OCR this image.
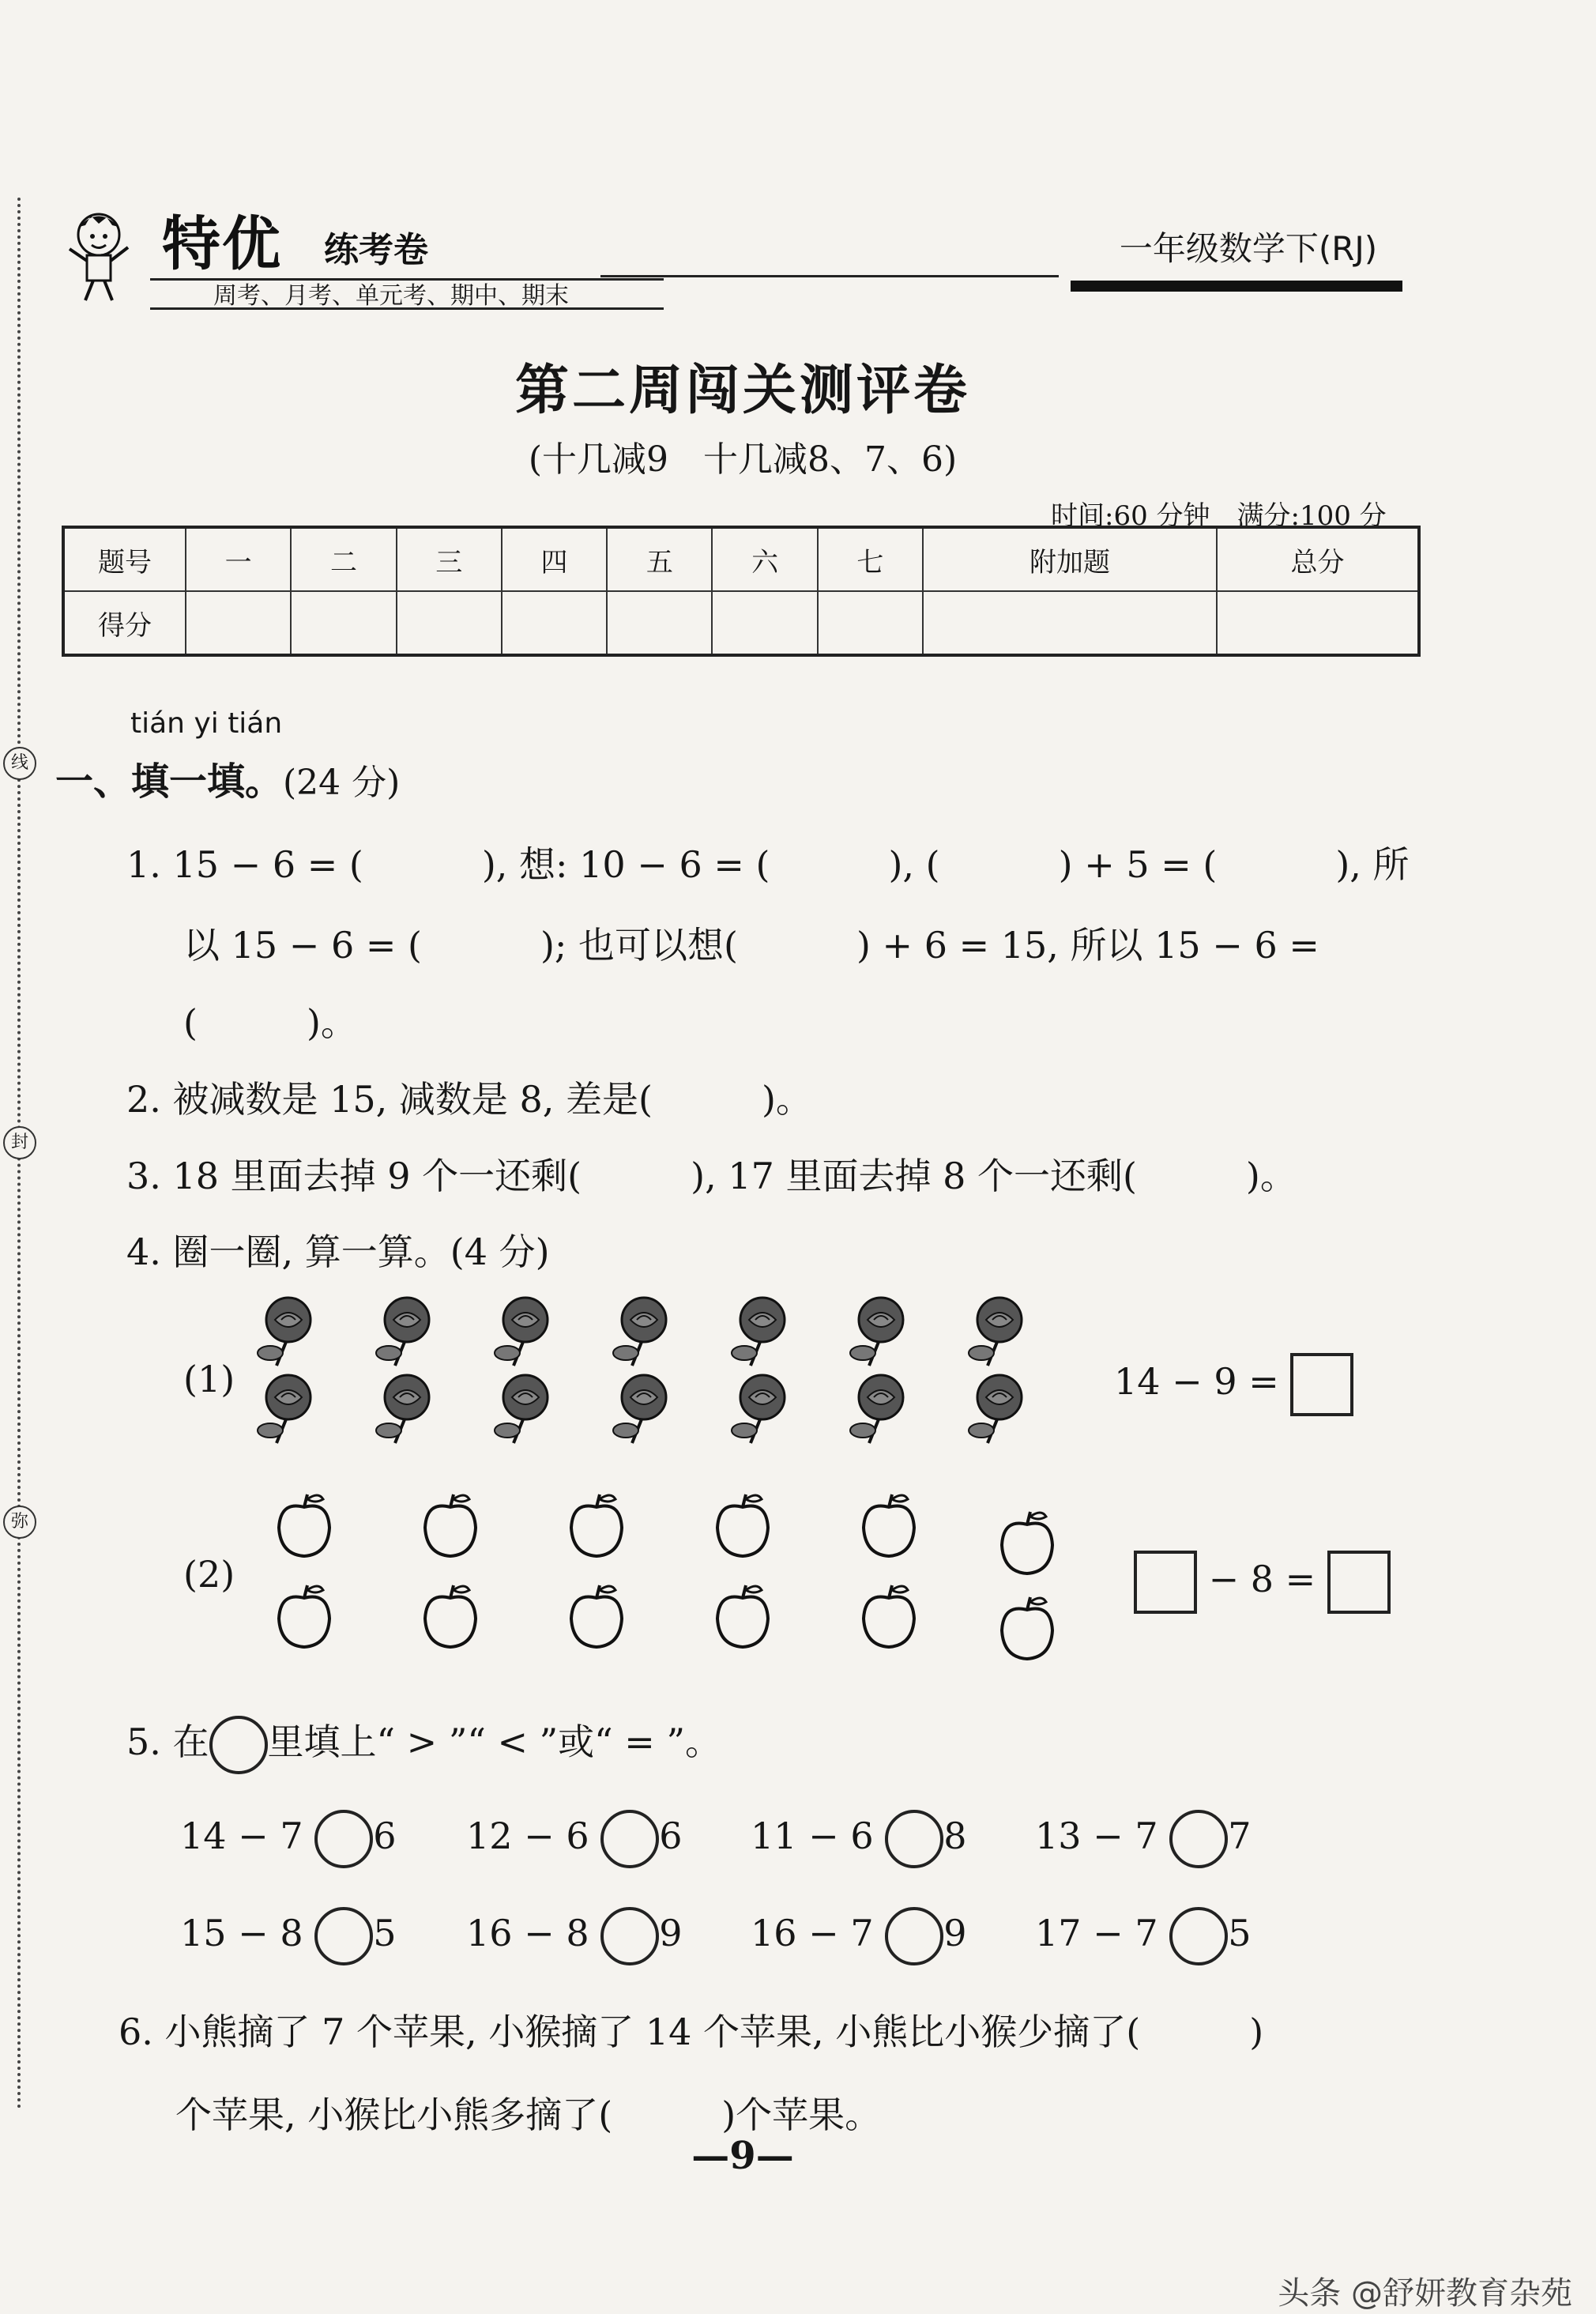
线
封
弥
特优 练考卷
周考、月考、单元考、期中、期末
一年级数学下(RJ)
第二周闯关测评卷
(十几减9　十几减8、7、6)
时间:60 分钟　满分:100 分
题号	一	二	三	四	五	六	七	附加题	总分
得分									
tián yi tián
一、填一填。(24 分)
1. 15 − 6 = (	), 想: 10 − 6 = (	), (	) + 5 = (	), 所
以 15 − 6 = (	); 也可以想(	) + 6 = 15, 所以 15 − 6 =
(　　　)。
2. 被减数是 15, 减数是 8, 差是(　　　)。
3. 18 里面去掉 9 个一还剩(　　　), 17 里面去掉 8 个一还剩(　　　)。
4. 圈一圈, 算一算。(4 分)
(1)	14 − 9 =
(2)	− 8 =
5. 在 里填上“ > ”“ < ”或“ = ”。
14 − 7 6 12 − 6 6 11 − 6 8 13 − 7 7
15 − 8 5 16 − 8 9 16 − 7 9 17 − 7 5
6. 小熊摘了 7 个苹果, 小猴摘了 14 个苹果, 小熊比小猴少摘了(　　　)
个苹果, 小猴比小熊多摘了(　　　)个苹果。
—9—
头条 @舒妍教育杂苑
